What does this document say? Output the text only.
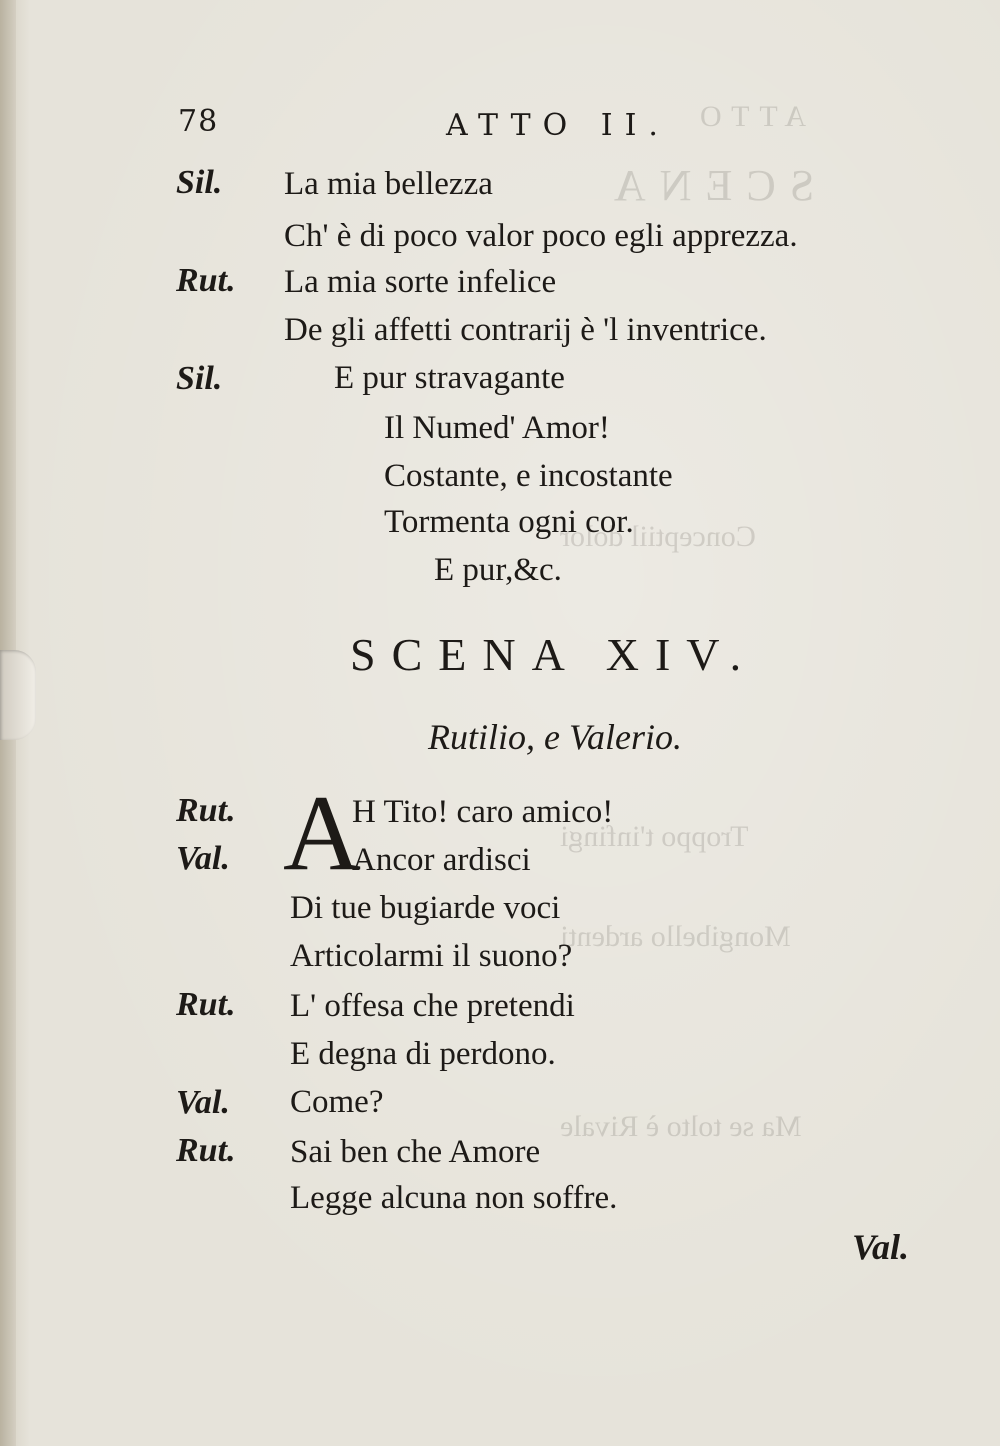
ATTO
SCENA
Conceptiil dolor
Troppo t'infingi
Mongibello ardenti
Ma se tolto è Rivale
78	ATTO II.
Sil. La mia bellezza
Ch' è di poco valor poco egli apprezza.
Rut. La mia sorte infelice
De gli affetti contrarij è 'l inventrice.
Sil.	E pur stravagante
Il Numed' Amor!
Costante, e incostante
Tormenta ogni cor.
E pur,&c.
SCENA XIV.
Rutilio, e Valerio.
A
Rut.	H Tito! caro amico!
Val.	Ancor ardisci
Di tue bugiarde voci
Articolarmi il suono?
Rut. L' offesa che pretendi
E degna di perdono.
Val. Come?
Rut. Sai ben che Amore
Legge alcuna non soffre.
Val.
